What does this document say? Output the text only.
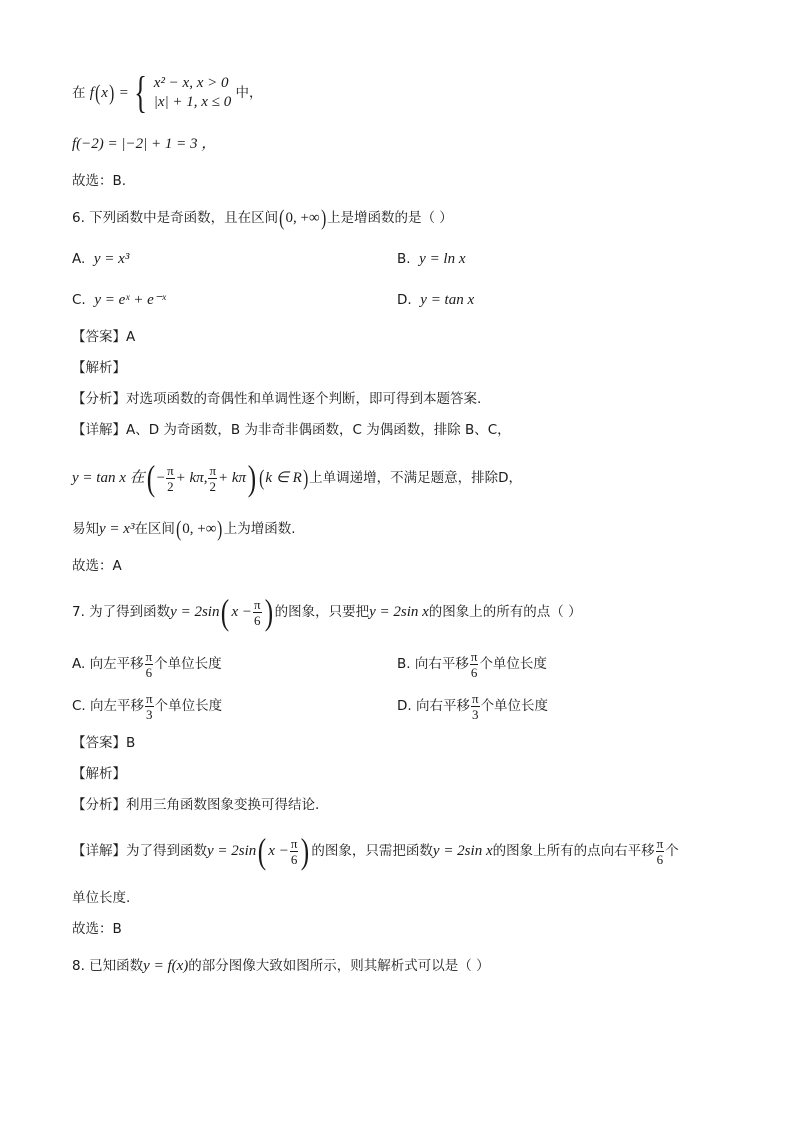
在 f(x) = { x² − x, x > 0
|x| + 1, x ≤ 0
中，
f(−2) = |−2| + 1 = 3 ，
故选：B.
6. 下列函数中是奇函数，且在区间(0, +∞)上是增函数的是（ ）
A. y = x³	B. y = ln x
C. y = eˣ + e⁻ˣ	D. y = tan x
【答案】A
【解析】
【分析】对选项函数的奇偶性和单调性逐个判断，即可得到本题答案.
【详解】A、D 为奇函数，B 为非奇非偶函数，C 为偶函数，排除 B、C，
y = tan x 在( − $\frac{\pi}{2} + k\pi$, $\frac{\pi}{2} + k\pi$) (k ∈ R)上单调递增，不满足题意，排除D，
易知y = x³在区间(0, +∞)上为增函数.
故选：A
7. 为了得到函数y = 2sin( $x - \frac{\pi}{6}$ ) 的图象，只要把y = 2sin x的图象上的所有的点（ ）
A. 向左平移 $\frac{\pi}{6}$ 个单位长度	B. 向右平移 $\frac{\pi}{6}$ 个单位长度
C. 向左平移 $\frac{\pi}{3}$ 个单位长度	D. 向右平移 $\frac{\pi}{3}$ 个单位长度
【答案】B
【解析】
【分析】利用三角函数图象变换可得结论.
【详解】为了得到函数y = 2sin( $x - \frac{\pi}{6}$ ) 的图象，只需把函数y = 2sin x的图象上所有的点向右平移 $\frac{\pi}{6}$ 个
单位长度.
故选：B
8. 已知函数y = f(x)的部分图像大致如图所示，则其解析式可以是（ ）
